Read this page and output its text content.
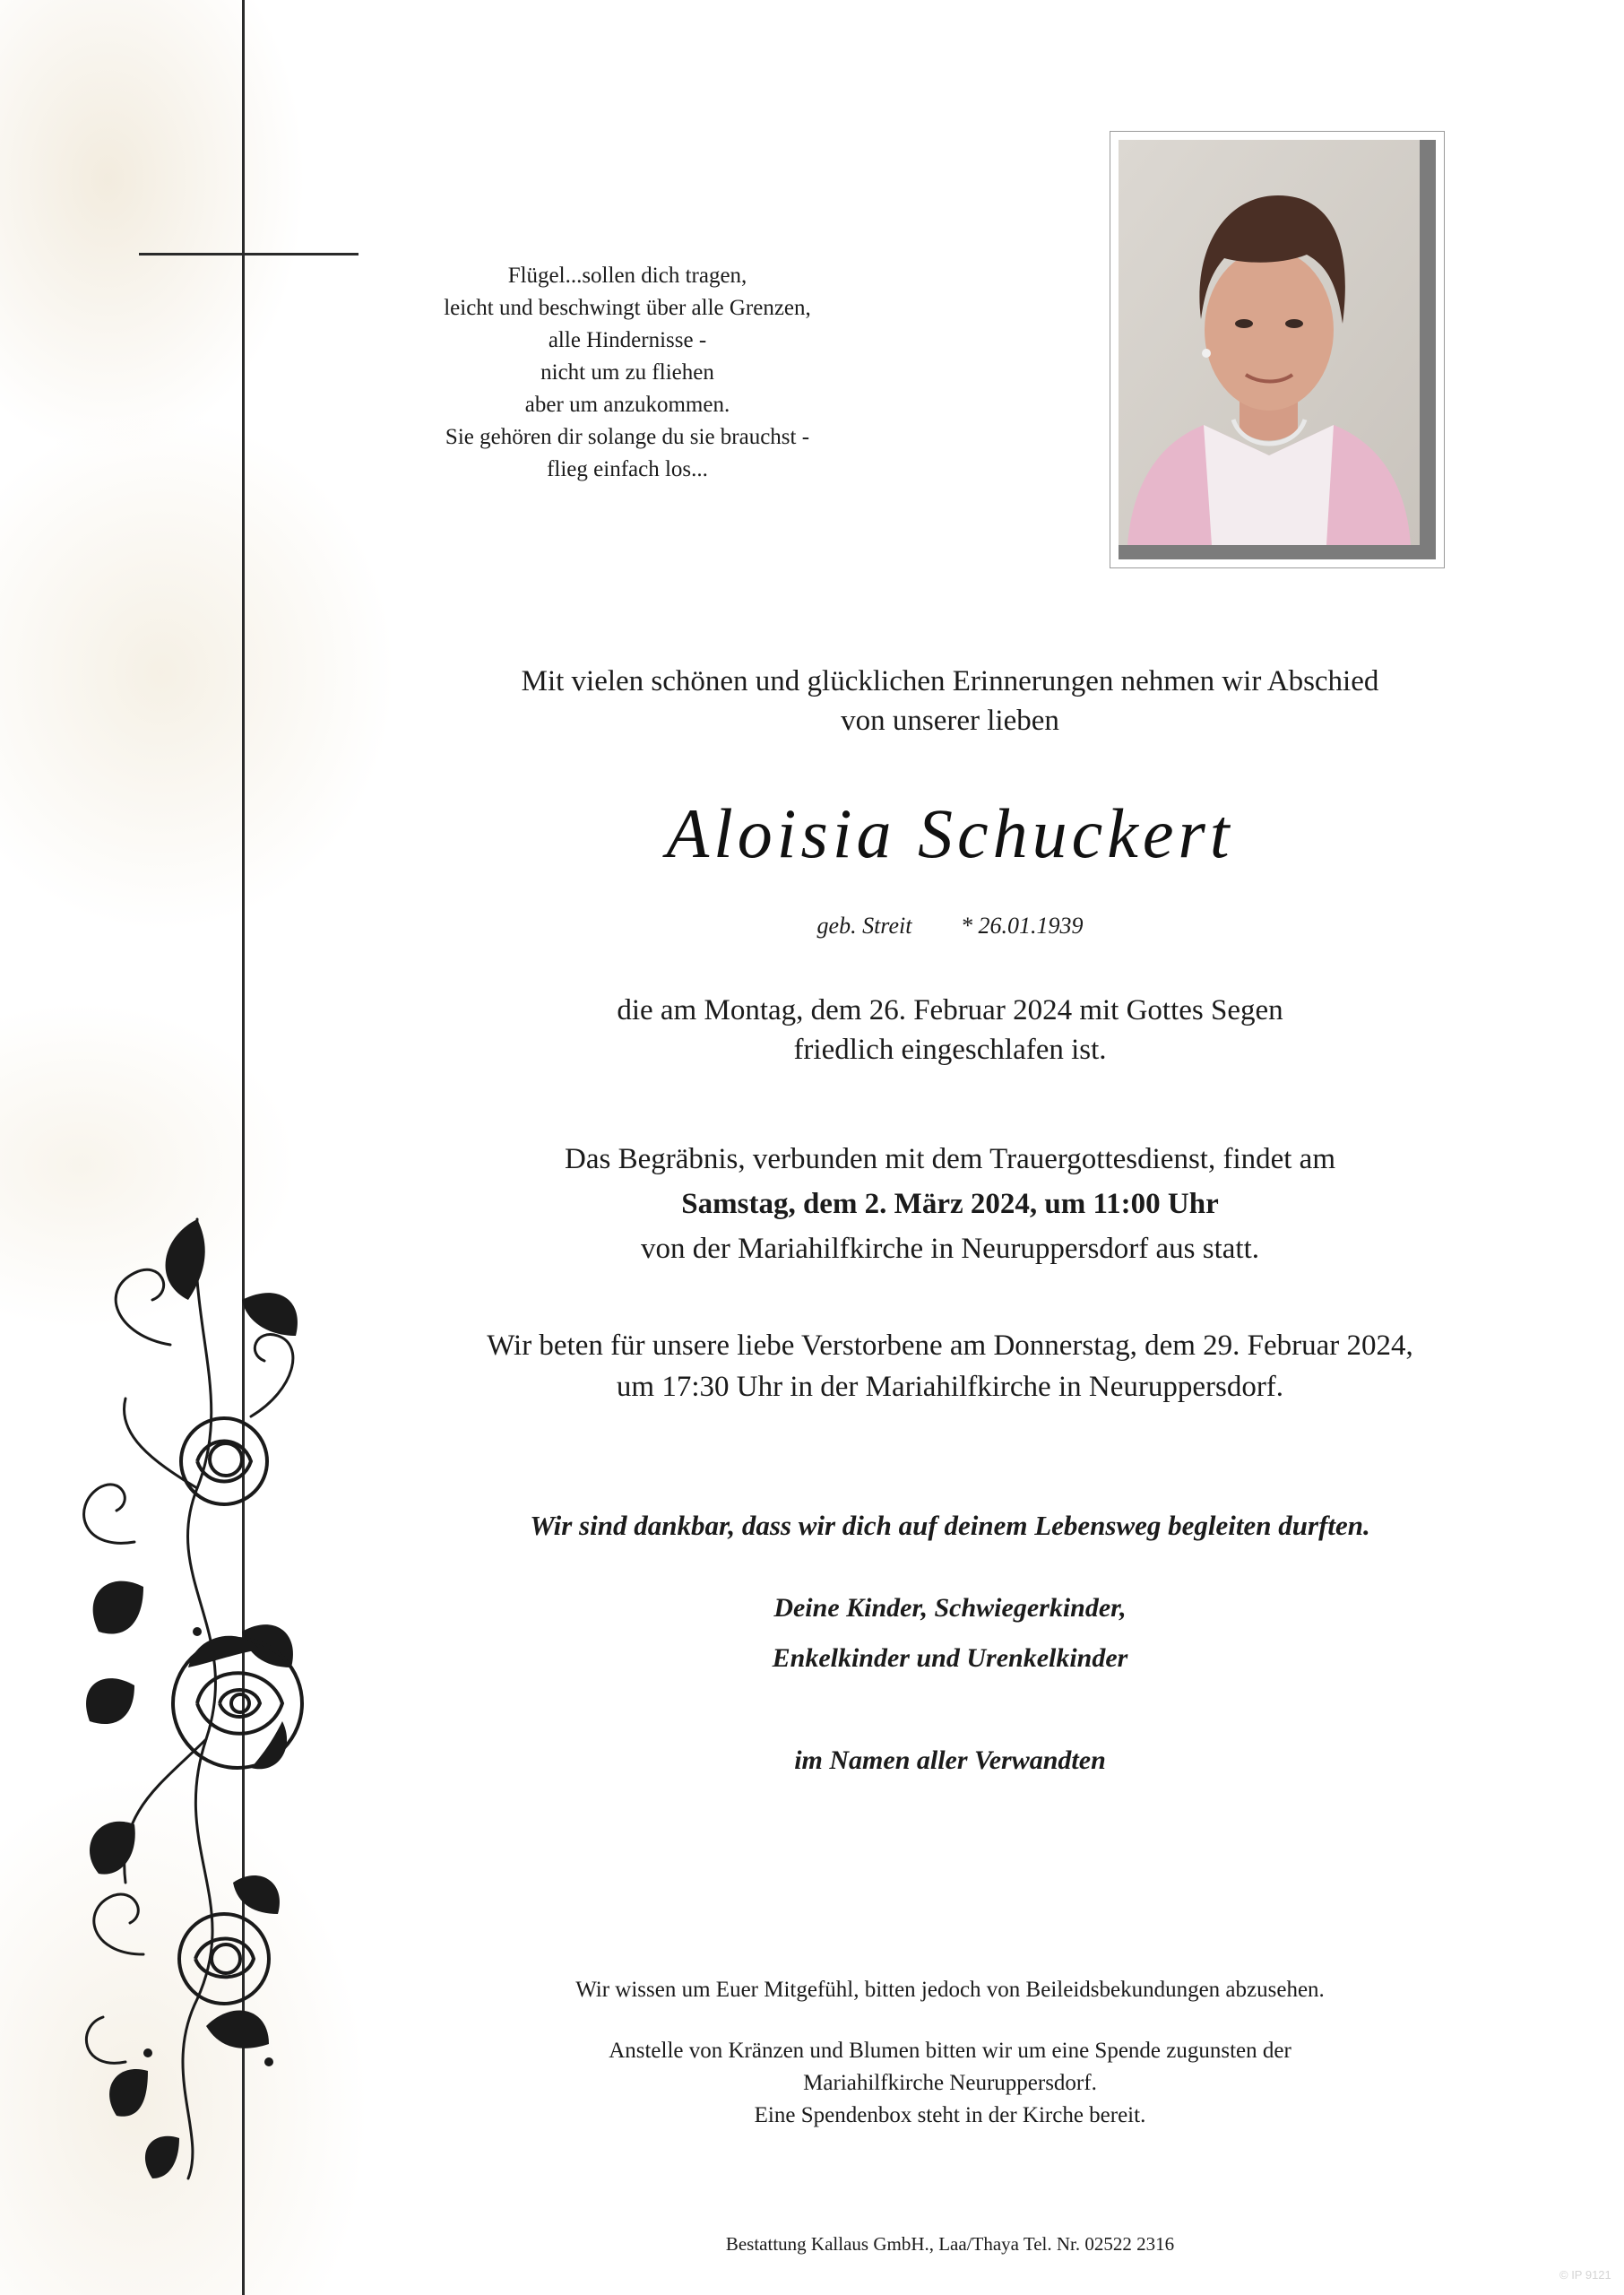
Flügel...sollen dich tragen,
leicht und beschwingt über alle Grenzen,
alle Hindernisse -
nicht um zu fliehen
aber um anzukommen.
Sie gehören dir solange du sie brauchst -
flieg einfach los...
Mit vielen schönen und glücklichen Erinnerungen nehmen wir Abschied
von unserer lieben
Aloisia Schuckert
geb. Streit * 26.01.1939
die am Montag, dem 26. Februar 2024 mit Gottes Segen
friedlich eingeschlafen ist.
Das Begräbnis, verbunden mit dem Trauergottesdienst, findet am
Samstag, dem 2. März 2024, um 11:00 Uhr
von der Mariahilfkirche in Neuruppersdorf aus statt.
Wir beten für unsere liebe Verstorbene am Donnerstag, dem 29. Februar 2024,
um 17:30 Uhr in der Mariahilfkirche in Neuruppersdorf.
Wir sind dankbar, dass wir dich auf deinem Lebensweg begleiten durften.
Deine Kinder, Schwiegerkinder,
Enkelkinder und Urenkelkinder
im Namen aller Verwandten
Wir wissen um Euer Mitgefühl, bitten jedoch von Beileidsbekundungen abzusehen.
Anstelle von Kränzen und Blumen bitten wir um eine Spende zugunsten der
Mariahilfkirche Neuruppersdorf.
Eine Spendenbox steht in der Kirche bereit.
Bestattung Kallaus GmbH., Laa/Thaya Tel. Nr. 02522 2316
© IP 9121
